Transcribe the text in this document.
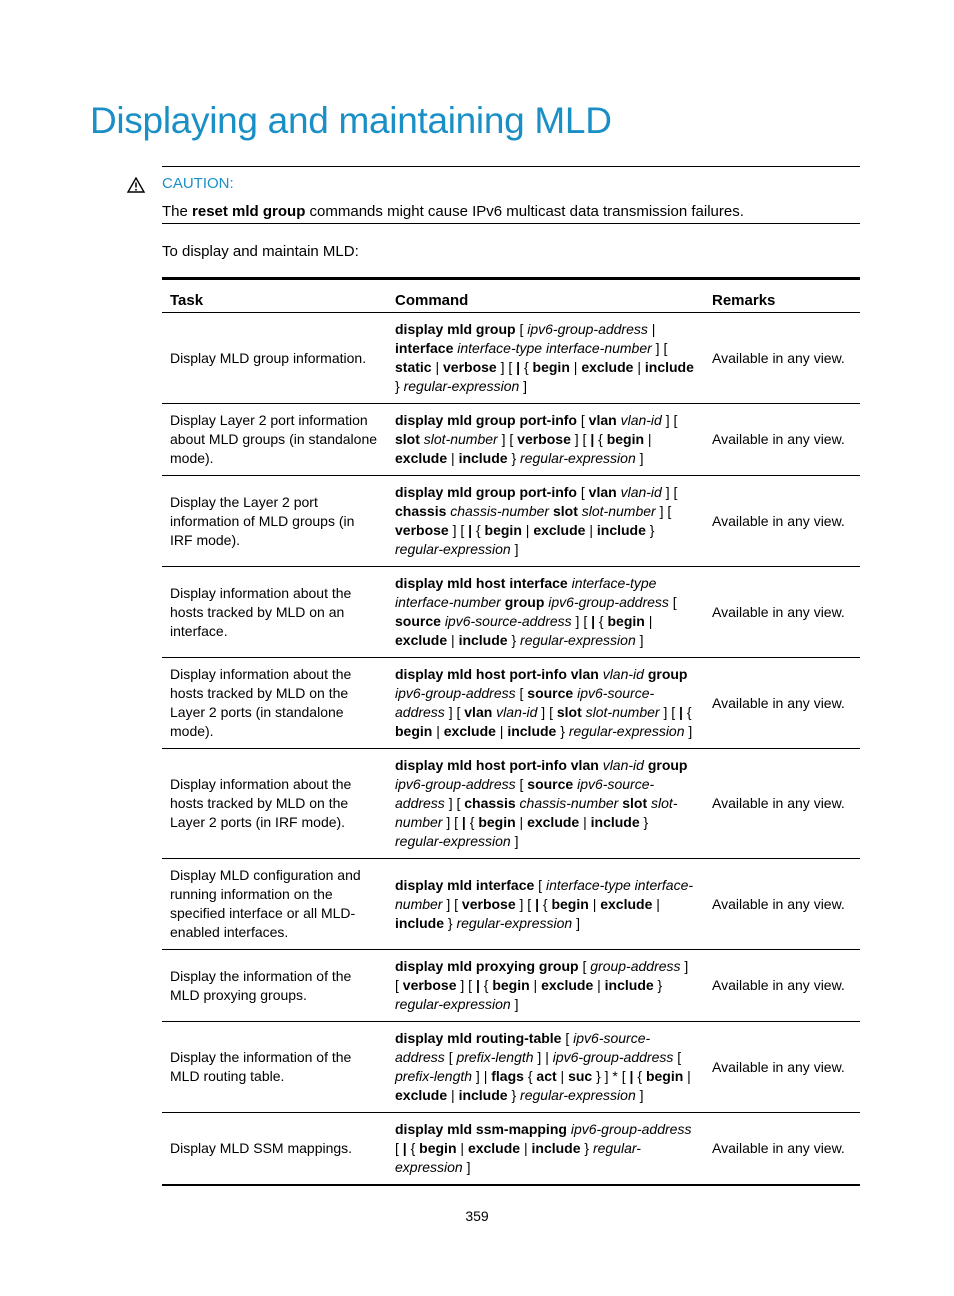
Displaying and maintaining MLD
CAUTION:
The reset mld group commands might cause IPv6 multicast data transmission failures.

To display and maintain MLD:

Task	Command	Remarks
Display MLD group information.	display mld group [ ipv6-group-address | interface interface-type interface-number ] [ static | verbose ] [ | { begin | exclude | include } regular-expression ]	Available in any view.
Display Layer 2 port information about MLD groups (in standalone mode).	display mld group port-info [ vlan vlan-id ] [ slot slot-number ] [ verbose ] [ | { begin | exclude | include } regular-expression ]	Available in any view.
Display the Layer 2 port information of MLD groups (in IRF mode).	display mld group port-info [ vlan vlan-id ] [ chassis chassis-number slot slot-number ] [ verbose ] [ | { begin | exclude | include } regular-expression ]	Available in any view.
Display information about the hosts tracked by MLD on an interface.	display mld host interface interface-type interface-number group ipv6-group-address [ source ipv6-source-address ] [ | { begin | exclude | include } regular-expression ]	Available in any view.
Display information about the hosts tracked by MLD on the Layer 2 ports (in standalone mode).	display mld host port-info vlan vlan-id group ipv6-group-address [ source ipv6-source-address ] [ vlan vlan-id ] [ slot slot-number ] [ | { begin | exclude | include } regular-expression ]	Available in any view.
Display information about the hosts tracked by MLD on the Layer 2 ports (in IRF mode).	display mld host port-info vlan vlan-id group ipv6-group-address [ source ipv6-source-address ] [ chassis chassis-number slot slot-number ] [ | { begin | exclude | include } regular-expression ]	Available in any view.
Display MLD configuration and running information on the specified interface or all MLD-enabled interfaces.	display mld interface [ interface-type interface-number ] [ verbose ] [ | { begin | exclude | include } regular-expression ]	Available in any view.
Display the information of the MLD proxying groups.	display mld proxying group [ group-address ] [ verbose ] [ | { begin | exclude | include } regular-expression ]	Available in any view.
Display the information of the MLD routing table.	display mld routing-table [ ipv6-source-address [ prefix-length ] | ipv6-group-address [ prefix-length ] | flags { act | suc } ] * [ | { begin | exclude | include } regular-expression ]	Available in any view.
Display MLD SSM mappings.	display mld ssm-mapping ipv6-group-address [ | { begin | exclude | include } regular-expression ]	Available in any view.
359
